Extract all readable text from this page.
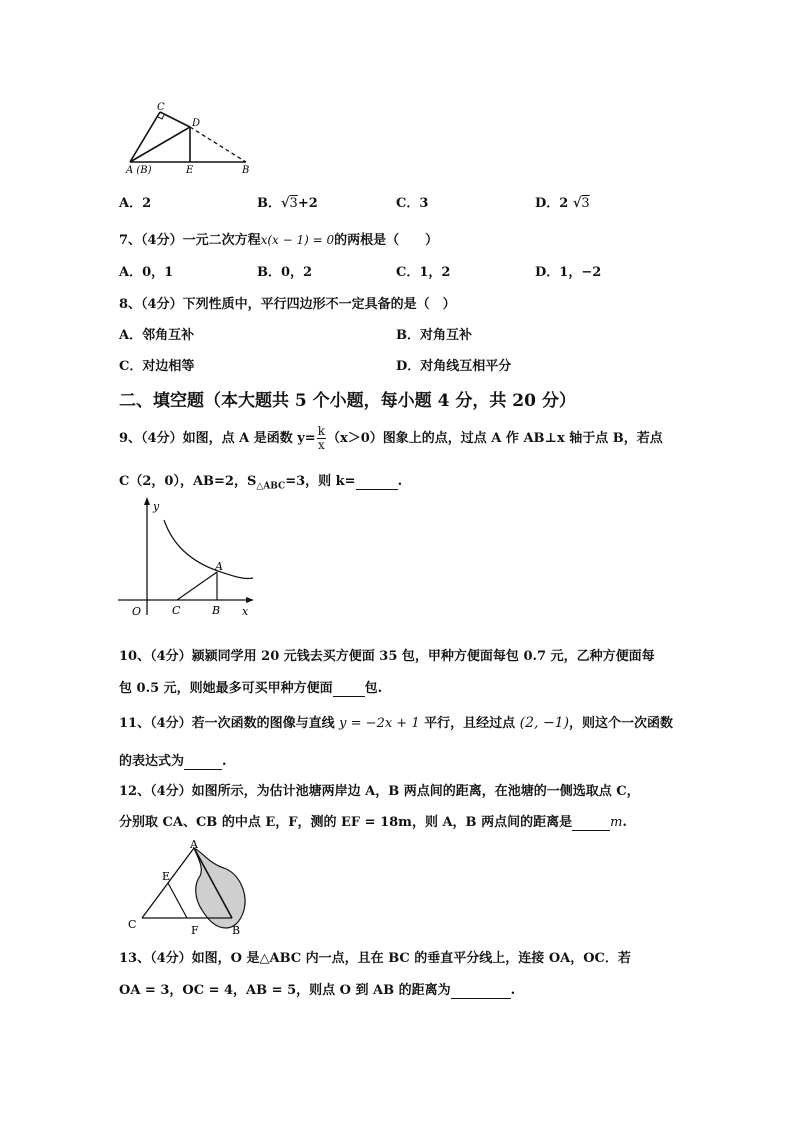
C
D
A (B)	E	B
A．2	B．√3+2	C．3	D．2 √3
7、（4分）一元二次方程x(x − 1) = 0的两根是（　　）
A．0，1	B．0，2	C．1，2	D．1，−2
8、（4分）下列性质中，平行四边形不一定具备的是（　）
A．邻角互补	B．对角互补
C．对边相等	D．对角线互相平分
二、填空题（本大题共 5 个小题，每小题 4 分，共 20 分）
9、（4分）如图，点 A 是函数 $y= \frac{k}{x} (x>0)$图象上的点，过点 A 作 AB⊥x 轴于点 B，若点
C（2，0），AB=2，$S_{\triangle ABC}=3$，则 k=	.
y
x
O	C	B
A
10、（4分）颍颍同学用 20 元钱去买方便面 35 包，甲种方便面每包 0.7 元，乙种方便面每
包 0.5 元，则她最多可买甲种方便面 包.
11、（4分）若一次函数的图像与直线 y = −2x + 1 平行，且经过点 (2, −1)，则这个一次函数
的表达式为	.
12、（4分）如图所示，为估计池塘两岸边 A，B 两点间的距离，在池塘的一侧选取点 C，
分别取 CA、CB 的中点 E，F，测的 EF = 18m，则 A，B 两点间的距离是	m.
A
E
C	F	B
13、（4分）如图，O 是△ABC 内一点，且在 BC 的垂直平分线上，连接 OA，OC．若
OA = 3，OC = 4，AB = 5，则点 O 到 AB 的距离为	.
